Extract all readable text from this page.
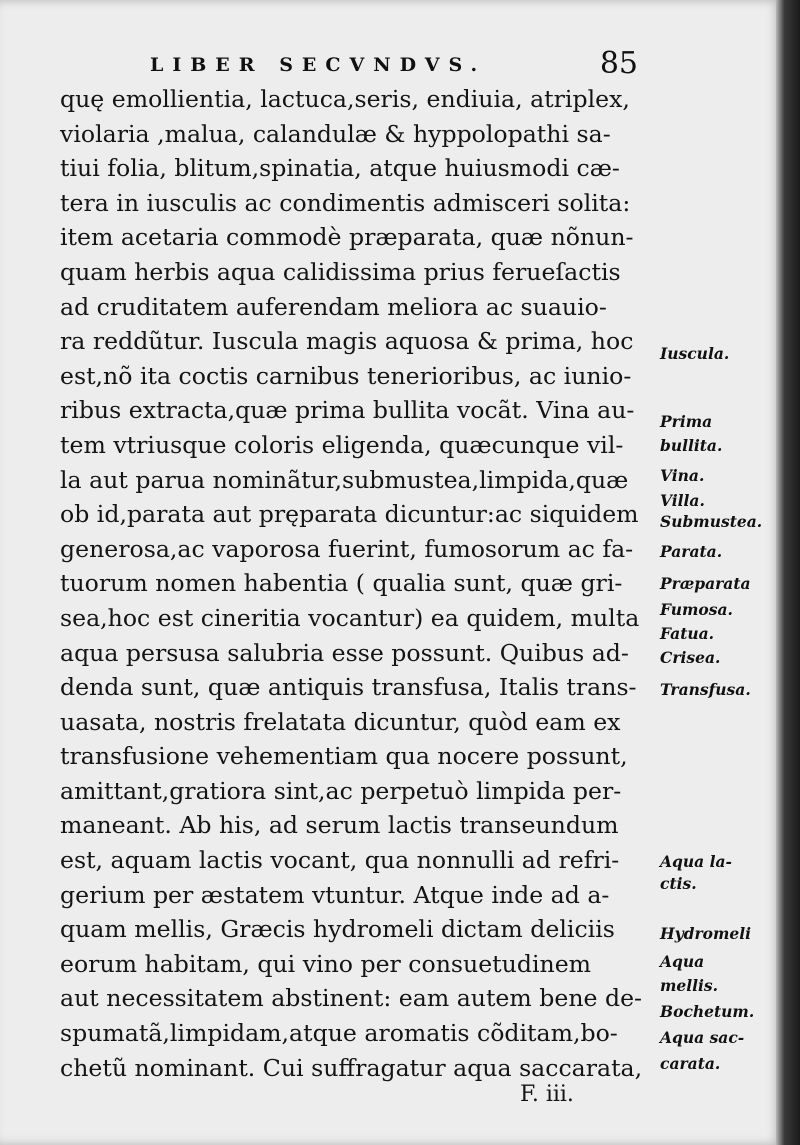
LIBER SECVNDVS.	85
quę emollientia, lactuca,seris, endiuia, atriplex,
violaria ,malua, calandulæ & hyppolopathi sa-
tiui folia, blitum,spinatia, atque huiusmodi cæ-
tera in iusculis ac condimentis admisceri solita:
item acetaria commodè præparata, quæ nõnun-
quam herbis aqua calidissima prius ferueſactis
ad cruditatem auferendam meliora ac suauio-
ra reddũtur. Iuscula magis aquosa & prima, hoc
est,nõ ita coctis carnibus tenerioribus, ac iunio-
ribus extracta,quæ prima bullita vocãt. Vina au-
tem vtriusque coloris eligenda, quæcunque vil-
la aut parua nominãtur,submustea,limpida,quæ
ob id,parata aut pręparata dicuntur:ac siquidem
generosa,ac vaporosa fuerint, fumosorum ac fa-
tuorum nomen habentia ( qualia sunt, quæ gri-
sea,hoc est cineritia vocantur) ea quidem, multa
aqua persusa salubria esse possunt. Quibus ad-
denda sunt, quæ antiquis transfusa, Italis trans-
uasata, nostris frelatata dicuntur, quòd eam ex
transfusione vehementiam qua nocere possunt,
amittant,gratiora sint,ac perpetuò limpida per-
maneant. Ab his, ad serum lactis transeundum
est, aquam lactis vocant, qua nonnulli ad refri-
gerium per æstatem vtuntur. Atque inde ad a-
quam mellis, Græcis hydromeli dictam deliciis
eorum habitam, qui vino per consuetudinem
aut necessitatem abstinent: eam autem bene de-
spumatã,limpidam,atque aromatis cõditam,bo-
chetũ nominant. Cui suffragatur aqua saccarata,
Iuscula.
Prima
bullita.
Vina.
Villa.
Submustea.
Parata.
Præparata
Fumosa.
Fatua.
Crisea.
Transfusa.
Aqua la-
ctis.
Hydromeli
Aqua
mellis.
Bochetum.
Aqua sac-
carata.
F. iii.
